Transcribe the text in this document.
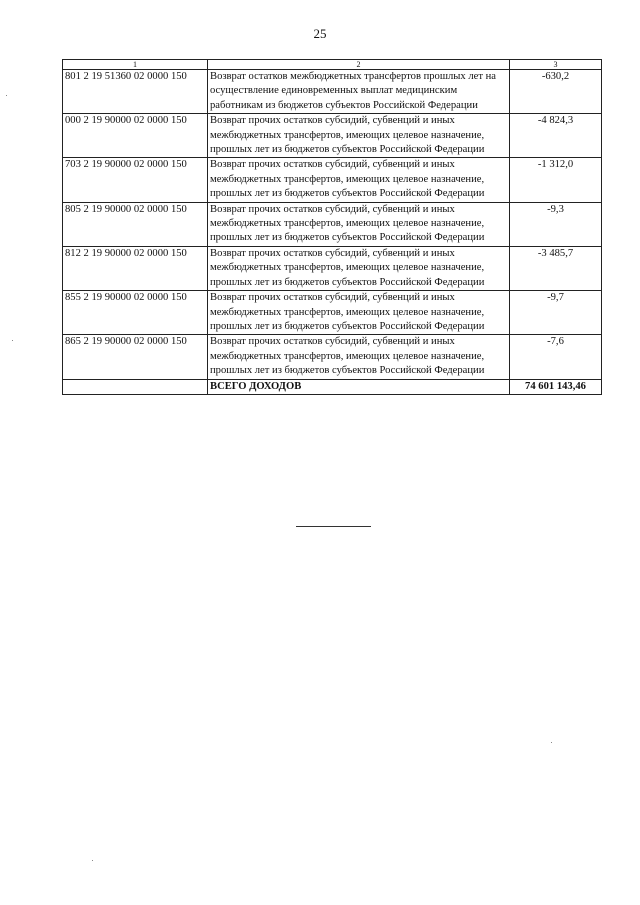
25
1	2	3
801 2 19 51360 02 0000 150	Возврат остатков межбюджетных трансфертов прошлых лет на осуществление единовременных выплат медицинским работникам из бюджетов субъектов Российской Федерации	-630,2
000 2 19 90000 02 0000 150	Возврат прочих остатков субсидий, субвенций и иных межбюджетных трансфертов, имеющих целевое назначение, прошлых лет из бюджетов субъектов Российской Федерации	-4 824,3
703 2 19 90000 02 0000 150	Возврат прочих остатков субсидий, субвенций и иных межбюджетных трансфертов, имеющих целевое назначение, прошлых лет из бюджетов субъектов Российской Федерации	-1 312,0
805 2 19 90000 02 0000 150	Возврат прочих остатков субсидий, субвенций и иных межбюджетных трансфертов, имеющих целевое назначение, прошлых лет из бюджетов субъектов Российской Федерации	-9,3
812 2 19 90000 02 0000 150	Возврат прочих остатков субсидий, субвенций и иных межбюджетных трансфертов, имеющих целевое назначение, прошлых лет из бюджетов субъектов Российской Федерации	-3 485,7
855 2 19 90000 02 0000 150	Возврат прочих остатков субсидий, субвенций и иных межбюджетных трансфертов, имеющих целевое назначение, прошлых лет из бюджетов субъектов Российской Федерации	-9,7
865 2 19 90000 02 0000 150	Возврат прочих остатков субсидий, субвенций и иных межбюджетных трансфертов, имеющих целевое назначение, прошлых лет из бюджетов субъектов Российской Федерации	-7,6
	ВСЕГО ДОХОДОВ	74 601 143,46
